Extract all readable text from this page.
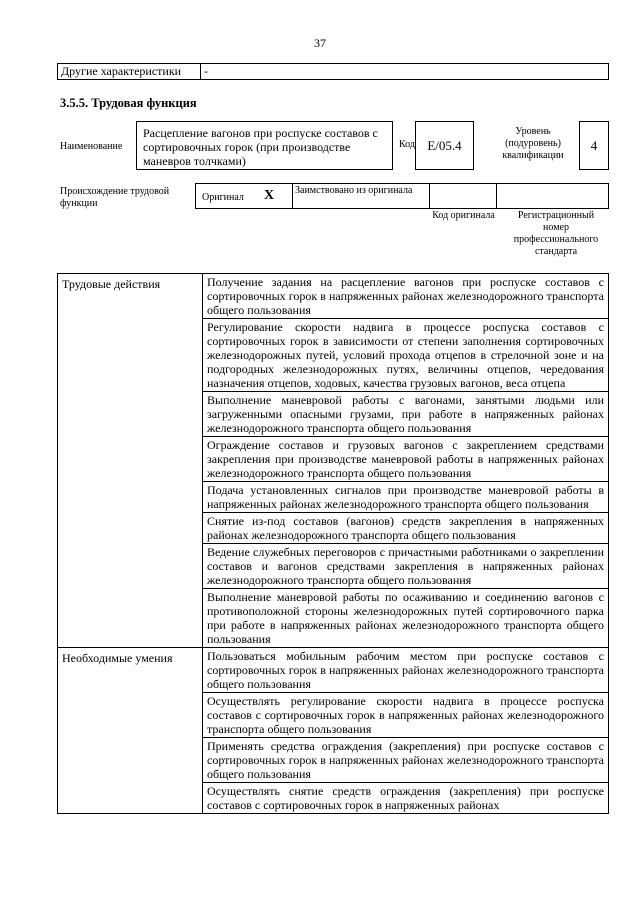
37
Другие характеристики	-
3.5.5. Трудовая функция
Наименование
Расцепление вагонов при роспуске составов с сортировочных горок (при производстве маневров толчками)
Код E/05.4
Уровень (подуровень) квалификации
4
Происхождение трудовой функции
Оригинал X Заимствовано из оригинала
Код оригинала	Регистрационный номер профессионального стандарта
Трудовые действия	Получение задания на расцепление вагонов при роспуске составов с сортировочных горок в напряженных районах железнодорожного транспорта общего пользования
	Регулирование скорости надвига в процессе роспуска составов с сортировочных горок в зависимости от степени заполнения сортировочных железнодорожных путей, условий прохода отцепов в стрелочной зоне и на подгородных железнодорожных путях, величины отцепов, чередования назначения отцепов, ходовых, качества грузовых вагонов, веса отцепа
	Выполнение маневровой работы с вагонами, занятыми людьми или загруженными опасными грузами, при работе в напряженных районах железнодорожного транспорта общего пользования
	Ограждение составов и грузовых вагонов с закреплением средствами закрепления при производстве маневровой работы в напряженных районах железнодорожного транспорта общего пользования
	Подача установленных сигналов при производстве маневровой работы в напряженных районах железнодорожного транспорта общего пользования
	Снятие из-под составов (вагонов) средств закрепления в напряженных районах железнодорожного транспорта общего пользования
	Ведение служебных переговоров с причастными работниками о закреплении составов и вагонов средствами закрепления в напряженных районах железнодорожного транспорта общего пользования
	Выполнение маневровой работы по осаживанию и соединению вагонов с противоположной стороны железнодорожных путей сортировочного парка при работе в напряженных районах железнодорожного транспорта общего пользования
Необходимые умения	Пользоваться мобильным рабочим местом при роспуске составов с сортировочных горок в напряженных районах железнодорожного транспорта общего пользования
	Осуществлять регулирование скорости надвига в процессе роспуска составов с сортировочных горок в напряженных районах железнодорожного транспорта общего пользования
	Применять средства ограждения (закрепления) при роспуске составов с сортировочных горок в напряженных районах железнодорожного транспорта общего пользования
	Осуществлять снятие средств ограждения (закрепления) при роспуске составов с сортировочных горок в напряженных районах
